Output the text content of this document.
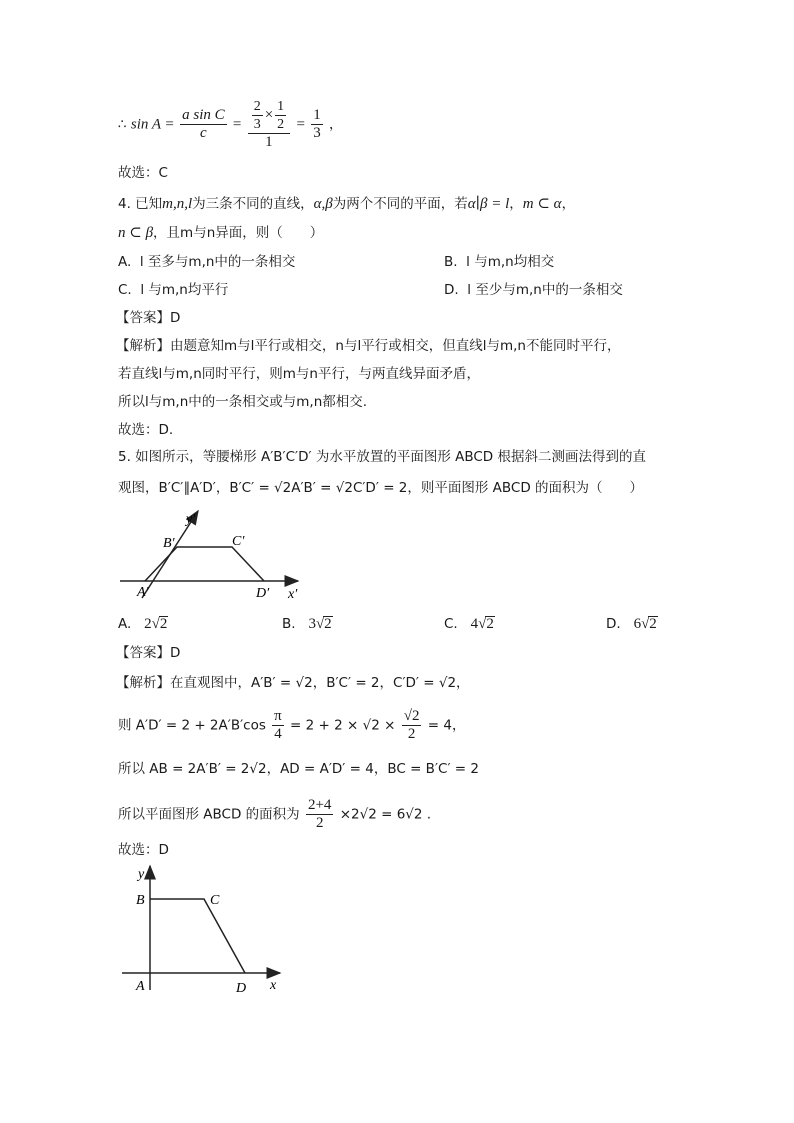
∴ $\sin A = \frac{\text{a sin C}}{c} = \frac{\frac{2}{3} \times \frac{1}{2}}{1} = \frac{1}{3}$ ，
故选：C
4. 已知m,n,l为三条不同的直线，α,β为两个不同的平面，若α∣β = l，m ⊂ α，
n ⊂ β，且m与n异面，则（　　）
A. l 至多与m,n中的一条相交	B. l 与m,n均相交
C. l 与m,n均平行	D. l 至少与m,n中的一条相交
【答案】D
【解析】由题意知m与l平行或相交，n与l平行或相交，但直线l与m,n不能同时平行，
若直线l与m,n同时平行，则m与n平行，与两直线异面矛盾，
所以l与m,n中的一条相交或与m,n都相交.
故选：D.
5. 如图所示，等腰梯形 A′B′C′D′ 为水平放置的平面图形 ABCD 根据斜二测画法得到的直
观图，B′C′∥A′D′，B′C′ = √2A′B′ = √2C′D′ = 2，则平面图形 ABCD 的面积为（　　）
y′
x′
A′
B′	C′
D′
A. 2√2	B. 3√2	C. 4√2	D. 6√2
【答案】D
【解析】在直观图中，A′B′ = √2，B′C′ = 2，C′D′ = √2，
则 $A'D' = 2 + 2A'B'\cos \frac{\pi}{4} = 2 + 2 \times √2 \times \frac{√2}{2} = 4$，
所以 AB = 2A′B′ = 2√2，AD = A′D′ = 4，BC = B′C′ = 2
所以平面图形 ABCD 的面积为 $\frac{2+4}{2} \times 2√2 = 6√2$ .
故选：D
y
x
A
B	C
D
